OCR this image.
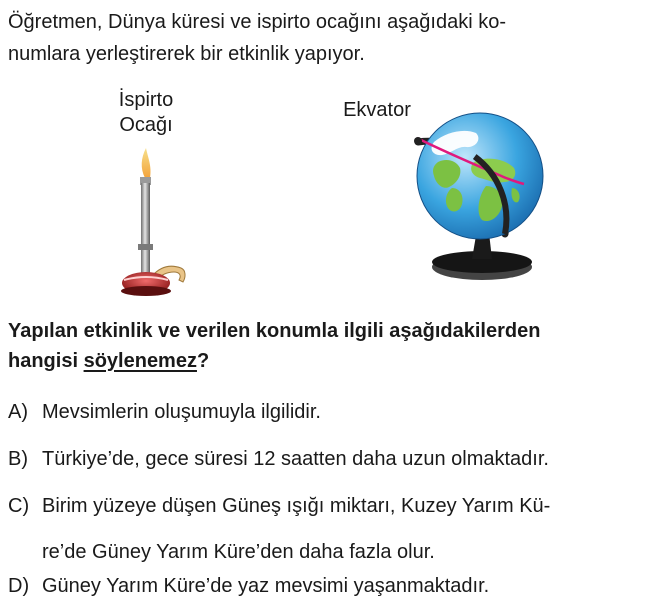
Öğretmen, Dünya küresi ve ispirto ocağını aşağıdaki ko-

numlara yerleştirerek bir etkinlik yapıyor.

İspirto
Ocağı
Ekvator
Yapılan etkinlik ve verilen konumla ilgili aşağıdakilerden
hangisi söylenemez?
A) Mevsimlerin oluşumuyla ilgilidir.
B) Türkiye’de, gece süresi 12 saatten daha uzun olmaktadır.
C) Birim yüzeye düşen Güneş ışığı miktarı, Kuzey Yarım Kü-
re’de Güney Yarım Küre’den daha fazla olur.
D) Güney Yarım Küre’de yaz mevsimi yaşanmaktadır.
